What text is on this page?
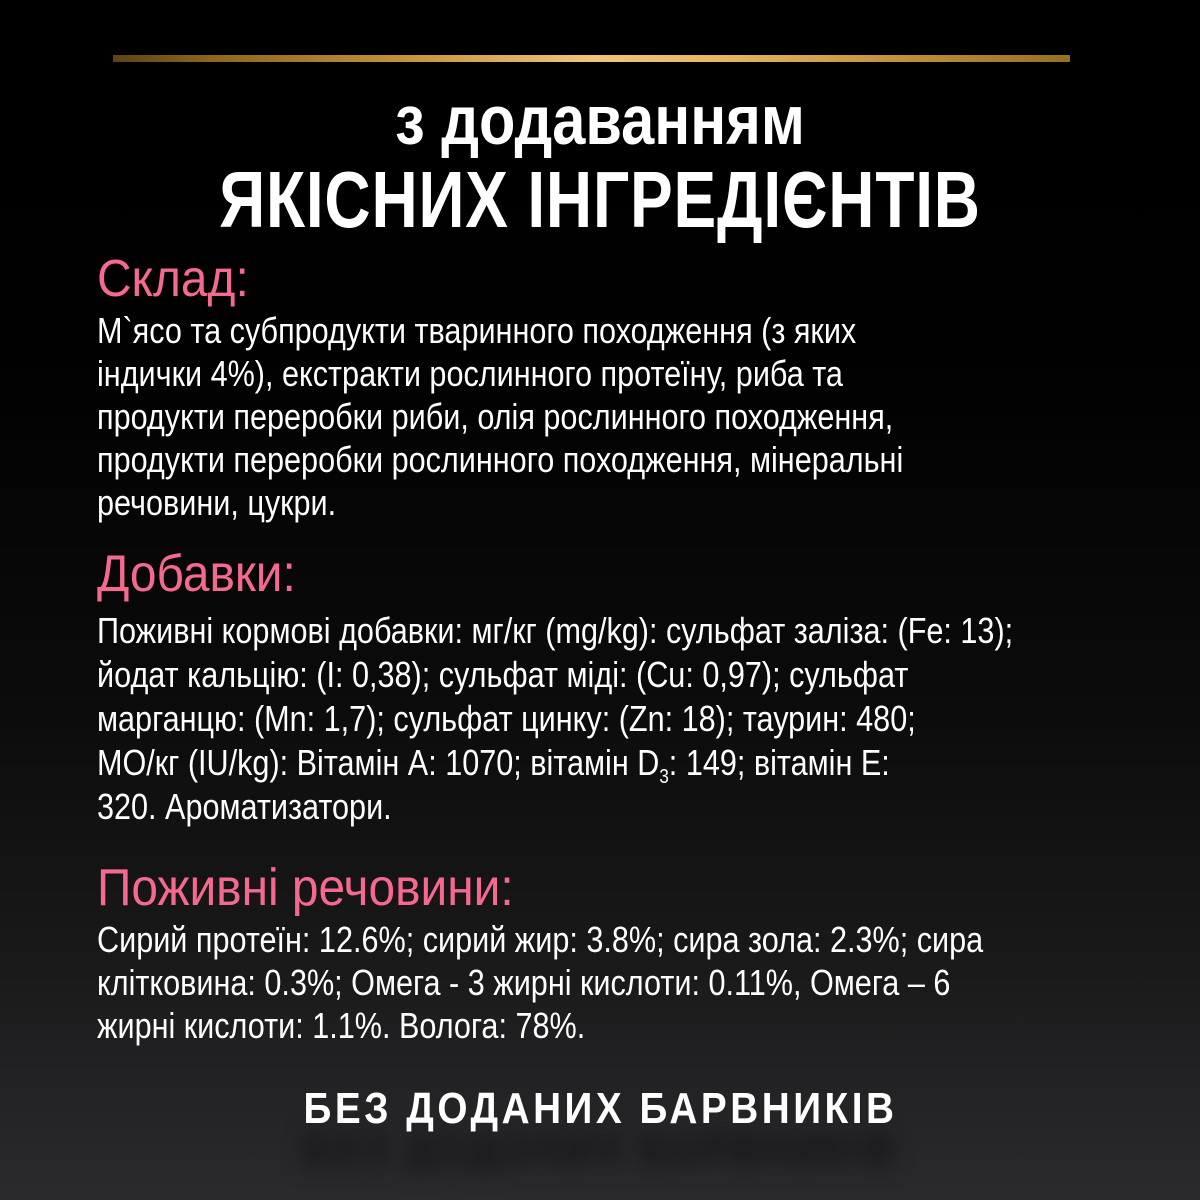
з додаванням
ЯКІСНИХ ІНГРЕДІЄНТІВ
Склад:
М`ясо та субпродукти тваринного походження (з яких
індички 4%), екстракти рослинного протеїну, риба та
продукти переробки риби, олія рослинного походження,
продукти переробки рослинного походження, мінеральні
речовини, цукри.
Добавки:
Поживні кормові добавки: мг/кг (mg/kg): сульфат заліза: (Fe: 13);
йодат кальцію: (I: 0,38); сульфат міді: (Cu: 0,97); сульфат
марганцю: (Mn: 1,7); сульфат цинку: (Zn: 18); таурин: 480;
МО/кг (IU/kg): Вітамін A: 1070; вітамін $D_3$: 149; вітамін E:
320. Ароматизатори.
Поживні речовини:
Сирий протеїн: 12.6%; сирий жир: 3.8%; сира зола: 2.3%; сира
клітковина: 0.3%; Омега - 3 жирні кислоти: 0.11%, Омега – 6
жирні кислоти: 1.1%. Волога: 78%.
БЕЗ ДОДАНИХ БАРВНИКІВ
